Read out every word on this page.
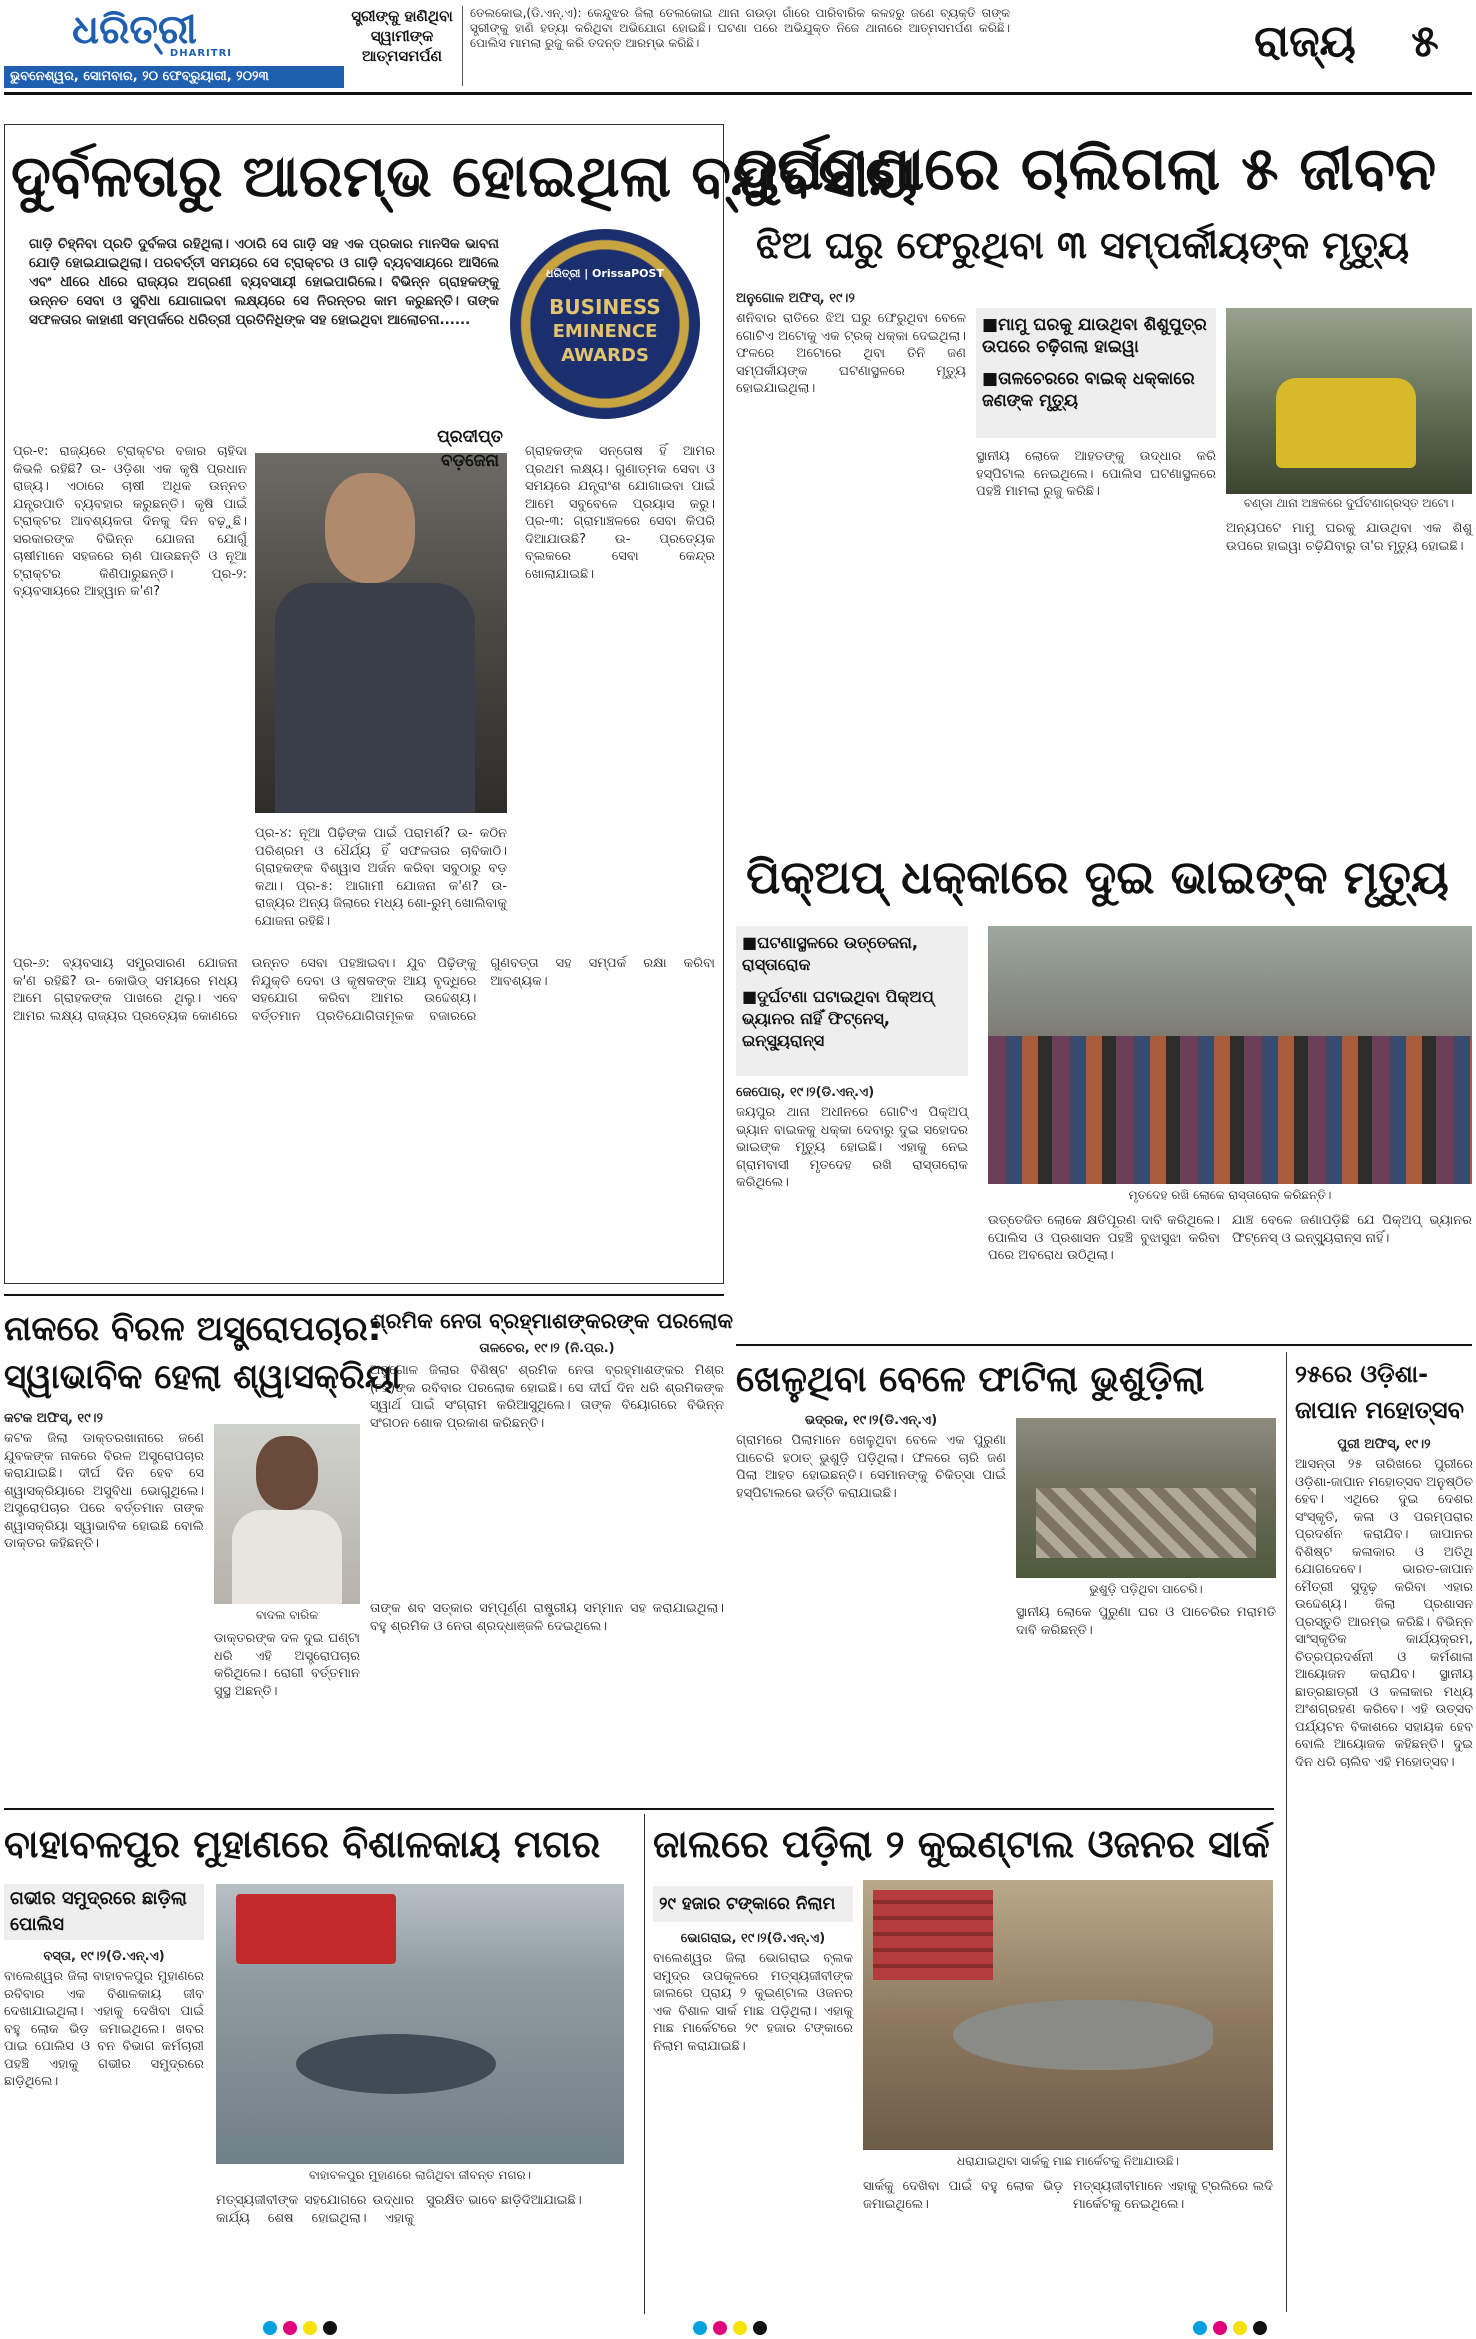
ଧରିତ୍ରୀ
DHARITRI
ଭୁବନେଶ୍ୱର, ସୋମବାର, ୨୦ ଫେବ୍ରୁୟାରୀ, ୨୦୨୩
ସ୍ତ୍ରୀଙ୍କୁ ହାଣିଥିବା ସ୍ୱାମୀଙ୍କ ଆତ୍ମସମର୍ପଣ
ତେଲକୋଇ,(ଡି.ଏନ୍.ଏ): କେନ୍ଦୁଝର ଜିଲା ତେଲକୋଇ ଥାନା ଗଉଡ଼ା ଗାଁରେ ପାରିବାରିକ କଳହରୁ ଜଣେ ବ୍ୟକ୍ତି ତାଙ୍କ ସ୍ତ୍ରୀଙ୍କୁ ହାଣି ହତ୍ୟା କରିଥିବା ଅଭିଯୋଗ ହୋଇଛି। ଘଟଣା ପରେ ଅଭିଯୁକ୍ତ ନିଜେ ଥାନାରେ ଆତ୍ମସମର୍ପଣ କରିଛି। ପୋଲିସ ମାମଲା ରୁଜୁ କରି ତଦନ୍ତ ଆରମ୍ଭ କରିଛି।	ରାଜ୍ୟ	୫
ଦୁର୍ବଳତାରୁ ଆରମ୍ଭ ହୋଇଥିଲା ବ୍ୟବସାୟ
ଗାଡ଼ି ଚିହ୍ନିବା ପ୍ରତି ଦୁର୍ବଳତା ରହିଥିଲା। ଏଠାରି ସେ ଗାଡ଼ି ସହ ଏକ ପ୍ରକାର ମାନସିକ ଭାବନା ଯୋଡ଼ି ହୋଇଯାଇଥିଲା। ପରବର୍ତ୍ତୀ ସମୟରେ ସେ ଟ୍ରାକ୍ଟର ଓ ଗାଡ଼ି ବ୍ୟବସାୟରେ ଆସିଲେ ଏବଂ ଧୀରେ ଧୀରେ ରାଜ୍ୟର ଅଗ୍ରଣୀ ବ୍ୟବସାୟୀ ହୋଇପାରିଲେ। ବିଭିନ୍ନ ଗ୍ରାହକଙ୍କୁ ଉନ୍ନତ ସେବା ଓ ସୁବିଧା ଯୋଗାଇବା ଲକ୍ଷ୍ୟରେ ସେ ନିରନ୍ତର କାମ କରୁଛନ୍ତି। ତାଙ୍କ ସଫଳତାର କାହାଣୀ ସମ୍ପର୍କରେ ଧରିତ୍ରୀ ପ୍ରତିନିଧିଙ୍କ ସହ ହୋଇଥିବା ଆଲୋଚନା......
ଧରିତ୍ରୀ | OrissaPOST
BUSINESS
EMINENCE
AWARDS
ପ୍ର-୧: ରାଜ୍ୟରେ ଟ୍ରାକ୍ଟର ବଜାର ଚାହିଦା କିଭଳି ରହିଛି? ଉ- ଓଡ଼ିଶା ଏକ କୃଷି ପ୍ରଧାନ ରାଜ୍ୟ। ଏଠାରେ ଚାଷୀ ଅଧିକ ଉନ୍ନତ ଯନ୍ତ୍ରପାତି ବ୍ୟବହାର କରୁଛନ୍ତି। କୃଷି ପାଇଁ ଟ୍ରାକ୍ଟର ଆବଶ୍ୟକତା ଦିନକୁ ଦିନ ବଢ଼ୁଛି। ସରକାରଙ୍କ ବିଭିନ୍ନ ଯୋଜନା ଯୋଗୁଁ ଚାଷୀମାନେ ସହଜରେ ଋଣ ପାଉଛନ୍ତି ଓ ନୂଆ ଟ୍ରାକ୍ଟର କିଣିପାରୁଛନ୍ତି। ପ୍ର-୨: ବ୍ୟବସାୟରେ ଆହ୍ୱାନ କ'ଣ?
ପ୍ରଦୀପ୍ତ
ବଡ଼ଜେନା	ଗ୍ରାହକଙ୍କ ସନ୍ତୋଷ ହିଁ ଆମର ପ୍ରଥମ ଲକ୍ଷ୍ୟ। ଗୁଣାତ୍ମକ ସେବା ଓ ସମୟରେ ଯନ୍ତ୍ରାଂଶ ଯୋଗାଇବା ପାଇଁ ଆମେ ସବୁବେଳେ ପ୍ରୟାସ କରୁ। ପ୍ର-୩: ଗ୍ରାମାଞ୍ଚଳରେ ସେବା କିପରି ଦିଆଯାଉଛି? ଉ- ପ୍ରତ୍ୟେକ ବ୍ଲକରେ ସେବା କେନ୍ଦ୍ର ଖୋଲାଯାଇଛି।
ପ୍ର-୪: ନୂଆ ପିଢ଼ିଙ୍କ ପାଇଁ ପରାମର୍ଶ? ଉ- କଠିନ ପରିଶ୍ରମ ଓ ଧୈର୍ଯ୍ୟ ହିଁ ସଫଳତାର ଚାବିକାଠି। ଗ୍ରାହକଙ୍କ ବିଶ୍ୱାସ ଅର୍ଜନ କରିବା ସବୁଠାରୁ ବଡ଼ କଥା। ପ୍ର-୫: ଆଗାମୀ ଯୋଜନା କ'ଣ? ଉ- ରାଜ୍ୟର ଅନ୍ୟ ଜିଲାରେ ମଧ୍ୟ ଶୋ-ରୁମ୍ ଖୋଲିବାକୁ ଯୋଜନା ରହିଛି।
ପ୍ର-୬: ବ୍ୟବସାୟ ସମ୍ପ୍ରସାରଣ ଯୋଜନା କ'ଣ ରହିଛି? ଉ- କୋଭିଡ୍ ସମୟରେ ମଧ୍ୟ ଆମେ ଗ୍ରାହକଙ୍କ ପାଖରେ ଥିଲୁ। ଏବେ ଆମର ଲକ୍ଷ୍ୟ ରାଜ୍ୟର ପ୍ରତ୍ୟେକ କୋଣରେ ଉନ୍ନତ ସେବା ପହଞ୍ଚାଇବା। ଯୁବ ପିଢ଼ିଙ୍କୁ ନିଯୁକ୍ତି ଦେବା ଓ କୃଷକଙ୍କ ଆୟ ବୃଦ୍ଧିରେ ସହଯୋଗ କରିବା ଆମର ଉଦ୍ଦେଶ୍ୟ। ବର୍ତ୍ତମାନ ପ୍ରତିଯୋଗିତାମୂଳକ ବଜାରରେ ଗୁଣବତ୍ତା ସହ ସମ୍ପର୍କ ରକ୍ଷା କରିବା ଆବଶ୍ୟକ।
ଦୁର୍ଘଟଣାରେ ଚାଲିଗଲା ୫ ଜୀବନ
ଝିଅ ଘରୁ ଫେରୁଥିବା ୩ ସମ୍ପର୍କୀୟଙ୍କ ମୃତ୍ୟୁ
ଅନୁଗୋଳ ଅଫିସ୍, ୧୯।୨
ଶନିବାର ରାତିରେ ଝିଅ ଘରୁ ଫେରୁଥିବା ବେଳେ ଗୋଟିଏ ଅଟୋକୁ ଏକ ଟ୍ରକ୍ ଧକ୍କା ଦେଇଥିଲା। ଫଳରେ ଅଟୋରେ ଥିବା ତିନି ଜଣ ସମ୍ପର୍କୀୟଙ୍କ ଘଟଣାସ୍ଥଳରେ ମୃତ୍ୟୁ ହୋଇଯାଇଥିଲା।
■ ମାମୁ ଘରକୁ ଯାଉଥିବା ଶିଶୁପୁତ୍ର ଉପରେ ଚଢ଼ିଗଲା ହାଇୱା
■ ତାଳଚେରରେ ବାଇକ୍ ଧକ୍କାରେ ଜଣଙ୍କ ମୃତ୍ୟୁ
ବଣ୍ଡା ଥାନା ଅଞ୍ଚଳରେ ଦୁର୍ଘଟଣାଗ୍ରସ୍ତ ଅଟୋ।
ସ୍ଥାନୀୟ ଲୋକେ ଆହତଙ୍କୁ ଉଦ୍ଧାର କରି ହସ୍ପିଟାଲ ନେଇଥିଲେ। ପୋଲିସ ଘଟଣାସ୍ଥଳରେ ପହଞ୍ଚି ମାମଲା ରୁଜୁ କରିଛି।
ଅନ୍ୟପଟେ ମାମୁ ଘରକୁ ଯାଉଥିବା ଏକ ଶିଶୁ ଉପରେ ହାଇୱା ଚଢ଼ିଯିବାରୁ ତା'ର ମୃତ୍ୟୁ ହୋଇଛି।
ପିକ୍‌ଅପ୍ ଧକ୍କାରେ ଦୁଇ ଭାଇଙ୍କ ମୃତ୍ୟୁ
■ ଘଟଣାସ୍ଥଳରେ ଉତ୍ତେଜନା, ରାସ୍ତାରୋକ
■ ଦୁର୍ଘଟଣା ଘଟାଇଥିବା ପିକ୍‌ଅପ୍ ଭ୍ୟାନର ନାହିଁ ଫିଟ୍‌ନେସ୍, ଇନ୍ସ୍ୟୁରାନ୍ସ
ମୃତଦେହ ରଖି ଲୋକେ ରାସ୍ତାରୋକ କରିଛନ୍ତି।
ଜେପୋର୍, ୧୯।୨(ଡି.ଏନ୍.ଏ)
ଜୟପୁର ଥାନା ଅଧୀନରେ ଗୋଟିଏ ପିକ୍‌ଅପ୍ ଭ୍ୟାନ ବାଇକକୁ ଧକ୍କା ଦେବାରୁ ଦୁଇ ସହୋଦର ଭାଇଙ୍କ ମୃତ୍ୟୁ ହୋଇଛି। ଏହାକୁ ନେଇ ଗ୍ରାମବାସୀ ମୃତଦେହ ରଖି ରାସ୍ତାରୋକ କରିଥିଲେ।
ଉତ୍ତେଜିତ ଲୋକେ କ୍ଷତିପୂରଣ ଦାବି କରିଥିଲେ। ପୋଲିସ ଓ ପ୍ରଶାସନ ପହଞ୍ଚି ବୁଝାସୁଝା କରିବା ପରେ ଅବରୋଧ ଉଠିଥିଲା।
ଯାଞ୍ଚ ବେଳେ ଜଣାପଡ଼ିଛି ଯେ ପିକ୍‌ଅପ୍ ଭ୍ୟାନର ଫିଟ୍‌ନେସ୍ ଓ ଇନ୍ସ୍ୟୁରାନ୍ସ ନାହିଁ।
ନାକରେ ବିରଳ ଅସ୍ତ୍ରୋପଚାର:
ସ୍ୱାଭାବିକ ହେଲା ଶ୍ୱାସକ୍ରିୟା
କଟକ ଅଫିସ୍, ୧୯।୨
କଟକ ଜିଲା ଡାକ୍ତରଖାନାରେ ଜଣେ ଯୁବକଙ୍କ ନାକରେ ବିରଳ ଅସ୍ତ୍ରୋପଚାର କରାଯାଇଛି। ଦୀର୍ଘ ଦିନ ହେବ ସେ ଶ୍ୱାସକ୍ରିୟାରେ ଅସୁବିଧା ଭୋଗୁଥିଲେ। ଅସ୍ତ୍ରୋପଚାର ପରେ ବର୍ତ୍ତମାନ ତାଙ୍କ ଶ୍ୱାସକ୍ରିୟା ସ୍ୱାଭାବିକ ହୋଇଛି ବୋଲି ଡାକ୍ତର କହିଛନ୍ତି।
ବାଦଲ ବାରିକ
ଡାକ୍ତରଙ୍କ ଦଳ ଦୁଇ ଘଣ୍ଟା ଧରି ଏହି ଅସ୍ତ୍ରୋପଚାର କରିଥିଲେ। ରୋଗୀ ବର୍ତ୍ତମାନ ସୁସ୍ଥ ଅଛନ୍ତି।
ଶ୍ରମିକ ନେତା ବ୍ରହ୍ମାଶଙ୍କରଙ୍କ ପରଲୋକ
ତାଳଚେର, ୧୯।୨ (ନି.ପ୍ର.)
ଅନୁଗୋଳ ଜିଲାର ବିଶିଷ୍ଟ ଶ୍ରମିକ ନେତା ବ୍ରହ୍ମାଶଙ୍କର ମିଶ୍ର (୮୬)ଙ୍କ ରବିବାର ପରଲୋକ ହୋଇଛି। ସେ ଦୀର୍ଘ ଦିନ ଧରି ଶ୍ରମିକଙ୍କ ସ୍ୱାର୍ଥ ପାଇଁ ସଂଗ୍ରାମ କରିଆସୁଥିଲେ। ତାଙ୍କ ବିୟୋଗରେ ବିଭିନ୍ନ ସଂଗଠନ ଶୋକ ପ୍ରକାଶ କରିଛନ୍ତି।
ତାଙ୍କ ଶବ ସତ୍କାର ସମ୍ପୂର୍ଣ୍ଣ ରାଷ୍ଟ୍ରୀୟ ସମ୍ମାନ ସହ କରାଯାଇଥିଲା। ବହୁ ଶ୍ରମିକ ଓ ନେତା ଶ୍ରଦ୍ଧାଞ୍ଜଳି ଦେଇଥିଲେ।
ଖେଳୁଥିବା ବେଳେ ଫାଟିଲା ଭୁଶୁଡ଼ିଲା
ଭଦ୍ରକ, ୧୯।୨(ଡି.ଏନ୍.ଏ)
ଗ୍ରାମରେ ପିଲାମାନେ ଖେଳୁଥିବା ବେଳେ ଏକ ପୁରୁଣା ପାଚେରି ହଠାତ୍ ଭୁଶୁଡ଼ି ପଡ଼ିଥିଲା। ଫଳରେ ଚାରି ଜଣ ପିଲା ଆହତ ହୋଇଛନ୍ତି। ସେମାନଙ୍କୁ ଚିକିତ୍ସା ପାଇଁ ହସ୍ପିଟାଲରେ ଭର୍ତ୍ତି କରାଯାଇଛି।
ଭୁଶୁଡ଼ି ପଡ଼ିଥିବା ପାଚେରି।
ସ୍ଥାନୀୟ ଲୋକେ ପୁରୁଣା ଘର ଓ ପାଚେରିର ମରାମତି ଦାବି କରିଛନ୍ତି।
୨୫ରେ ଓଡ଼ିଶା-
ଜାପାନ ମହୋତ୍ସବ
ପୁରୀ ଅଫିସ୍, ୧୯।୨
ଆସନ୍ତା ୨୫ ତାରିଖରେ ପୁରୀରେ ଓଡ଼ିଶା-ଜାପାନ ମହୋତ୍ସବ ଅନୁଷ୍ଠିତ ହେବ। ଏଥିରେ ଦୁଇ ଦେଶର ସଂସ୍କୃତି, କଳା ଓ ପରମ୍ପରାର ପ୍ରଦର୍ଶନ କରାଯିବ। ଜାପାନର ବିଶିଷ୍ଟ କଳାକାର ଓ ଅତିଥି ଯୋଗଦେବେ। ଭାରତ-ଜାପାନ ମୈତ୍ରୀ ସୁଦୃଢ଼ କରିବା ଏହାର ଉଦ୍ଦେଶ୍ୟ। ଜିଲା ପ୍ରଶାସନ ପ୍ରସ୍ତୁତି ଆରମ୍ଭ କରିଛି। ବିଭିନ୍ନ ସାଂସ୍କୃତିକ କାର୍ଯ୍ୟକ୍ରମ, ଚିତ୍ରପ୍ରଦର୍ଶନୀ ଓ କର୍ମଶାଳା ଆୟୋଜନ କରାଯିବ। ସ୍ଥାନୀୟ ଛାତ୍ରଛାତ୍ରୀ ଓ କଳାକାର ମଧ୍ୟ ଅଂଶଗ୍ରହଣ କରିବେ। ଏହି ଉତ୍ସବ ପର୍ଯ୍ୟଟନ ବିକାଶରେ ସହାୟକ ହେବ ବୋଲି ଆୟୋଜକ କହିଛନ୍ତି। ଦୁଇ ଦିନ ଧରି ଚାଲିବ ଏହି ମହୋତ୍ସବ।
ବାହାବଳପୁର ମୁହାଣରେ ବିଶାଳକାୟ ମଗର
ଗଭୀର ସମୁଦ୍ରରେ ଛାଡ଼ିଲା ପୋଲିସ
ବସ୍ତା, ୧୯।୨(ଡି.ଏନ୍.ଏ)
ବାଲେଶ୍ୱର ଜିଲା ବାହାବଳପୁର ମୁହାଣରେ ରବିବାର ଏକ ବିଶାଳକାୟ ଜୀବ ଦେଖାଯାଇଥିଲା। ଏହାକୁ ଦେଖିବା ପାଇଁ ବହୁ ଲୋକ ଭିଡ଼ ଜମାଇଥିଲେ। ଖବର ପାଇ ପୋଲିସ ଓ ବନ ବିଭାଗ କର୍ମଚାରୀ ପହଞ୍ଚି ଏହାକୁ ଗଭୀର ସମୁଦ୍ରରେ ଛାଡ଼ିଥିଲେ।
ବାହାବଳପୁର ମୁହାଣରେ ଲାଗିଥିବା ଜୀବନ୍ତ ମଗର।
ମତ୍ସ୍ୟଜୀବୀଙ୍କ ସହଯୋଗରେ ଉଦ୍ଧାର କାର୍ଯ୍ୟ ଶେଷ ହୋଇଥିଲା। ଏହାକୁ ସୁରକ୍ଷିତ ଭାବେ ଛାଡ଼ିଦିଆଯାଇଛି।
ଜାଲରେ ପଡ଼ିଲା ୨ କୁଇଣ୍ଟାଲ ଓଜନର ସାର୍କ
୨୯ ହଜାର ଟଙ୍କାରେ ନିଲାମ
ଭୋଗରାଇ, ୧୯।୨(ଡି.ଏନ୍.ଏ)
ବାଲେଶ୍ୱର ଜିଲା ଭୋଗରାଇ ବ୍ଲକ ସମୁଦ୍ର ଉପକୂଳରେ ମତ୍ସ୍ୟଜୀବୀଙ୍କ ଜାଲରେ ପ୍ରାୟ ୨ କୁଇଣ୍ଟାଲ ଓଜନର ଏକ ବିଶାଳ ସାର୍କ ମାଛ ପଡ଼ିଥିଲା। ଏହାକୁ ମାଛ ମାର୍କେଟରେ ୨୯ ହଜାର ଟଙ୍କାରେ ନିଲାମ କରାଯାଇଛି।
ଧରାଯାଇଥିବା ସାର୍କକୁ ମାଛ ମାର୍କେଟକୁ ନିଆଯାଉଛି।
ସାର୍କକୁ ଦେଖିବା ପାଇଁ ବହୁ ଲୋକ ଭିଡ଼ ଜମାଇଥିଲେ।
ମତ୍ସ୍ୟଜୀବୀମାନେ ଏହାକୁ ଟ୍ରଲିରେ ଲଦି ମାର୍କେଟକୁ ନେଇଥିଲେ।
